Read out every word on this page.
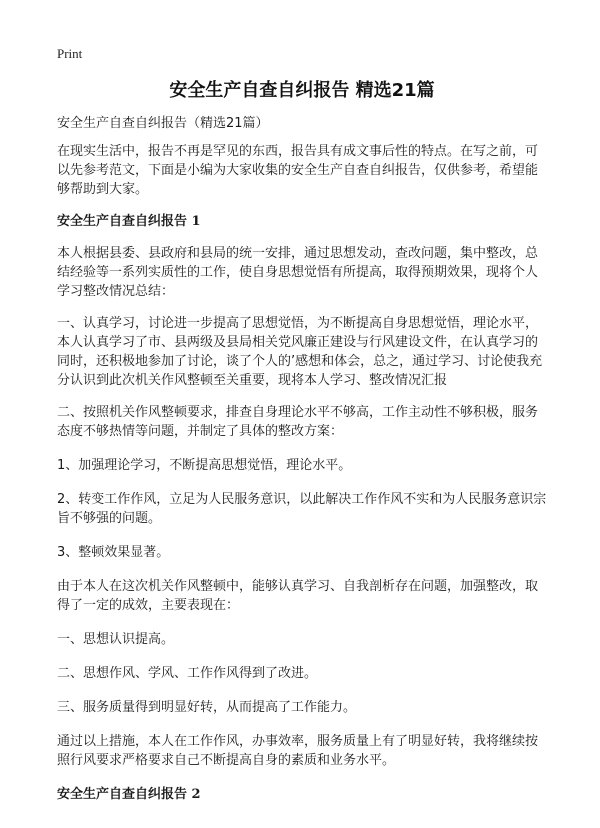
Print
安全生产自查自纠报告 精选21篇

安全生产自查自纠报告（精选21篇）

在现实生活中，报告不再是罕见的东西，报告具有成文事后性的特点。在写之前，可以先参考范文，下面是小编为大家收集的安全生产自查自纠报告，仅供参考，希望能够帮助到大家。

安全生产自查自纠报告 1

本人根据县委、县政府和县局的统一安排，通过思想发动，查改问题，集中整改，总结经验等一系列实质性的工作，使自身思想觉悟有所提高，取得预期效果，现将个人学习整改情况总结：

一、认真学习，讨论进一步提高了思想觉悟，为不断提高自身思想觉悟，理论水平，本人认真学习了市、县两级及县局相关党风廉正建设与行风建设文件，在认真学习的同时，还积极地参加了讨论，谈了个人的’感想和体会，总之，通过学习、讨论使我充分认识到此次机关作风整顿至关重要，现将本人学习、整改情况汇报

二、按照机关作风整顿要求，排查自身理论水平不够高，工作主动性不够积极，服务态度不够热情等问题，并制定了具体的整改方案：

1、加强理论学习，不断提高思想觉悟，理论水平。

2、转变工作作风，立足为人民服务意识，以此解决工作作风不实和为人民服务意识宗旨不够强的问题。

3、整顿效果显著。

由于本人在这次机关作风整顿中，能够认真学习、自我剖析存在问题，加强整改，取得了一定的成效，主要表现在：

一、思想认识提高。

二、思想作风、学风、工作作风得到了改进。

三、服务质量得到明显好转，从而提高了工作能力。

通过以上措施，本人在工作作风，办事效率，服务质量上有了明显好转，我将继续按照行风要求严格要求自己不断提高自身的素质和业务水平。

安全生产自查自纠报告 2
